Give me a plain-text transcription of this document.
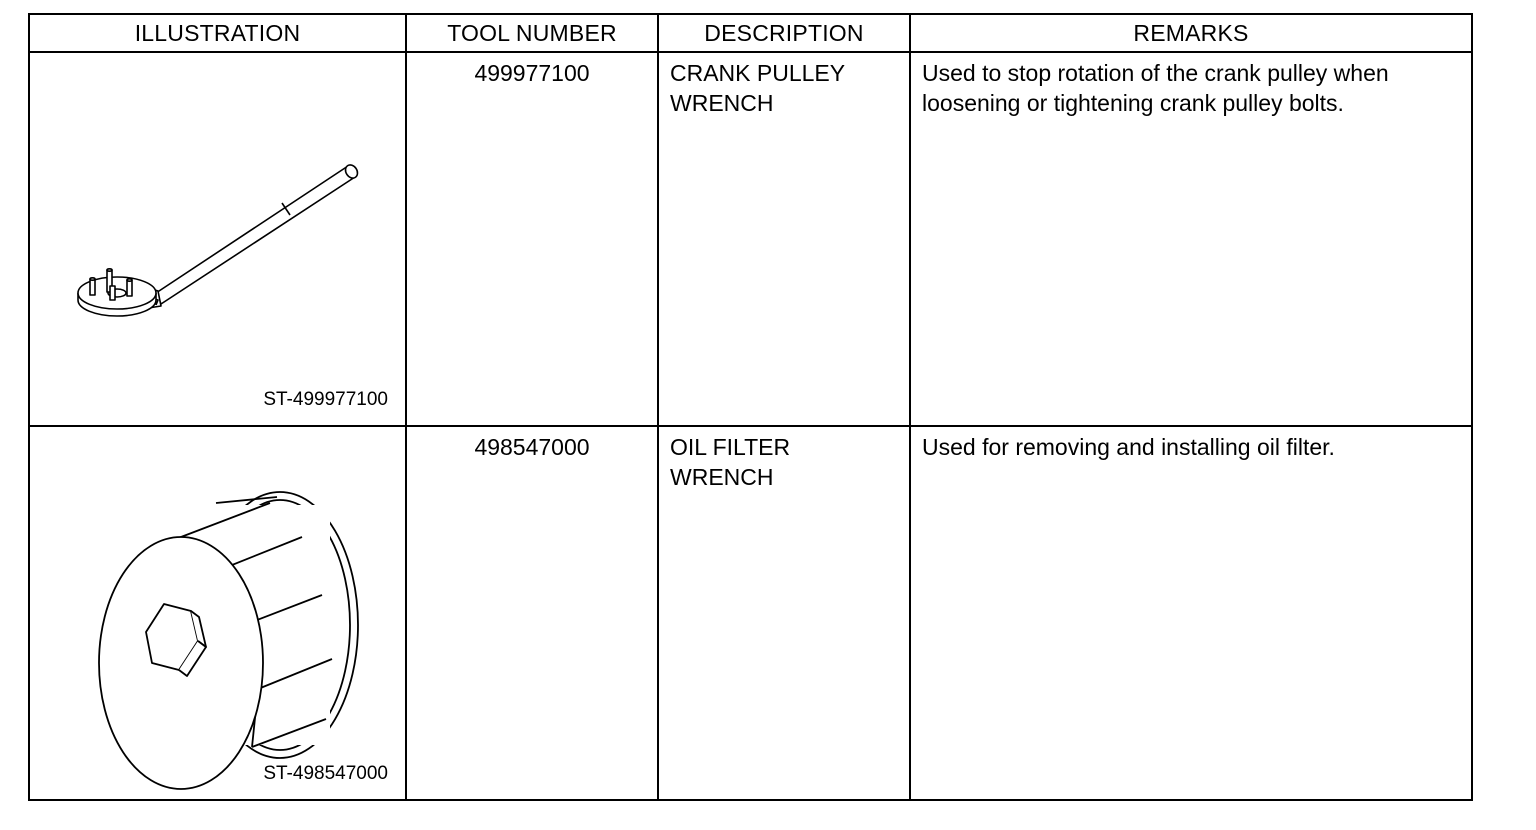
ILLUSTRATION	TOOL NUMBER	DESCRIPTION	REMARKS

ST-499977100	499977100	CRANK PULLEY
WRENCH	Used to stop rotation of the crank pulley when loosening or tightening crank pulley bolts.

ST-498547000	498547000	OIL FILTER
WRENCH	Used for removing and installing oil filter.
